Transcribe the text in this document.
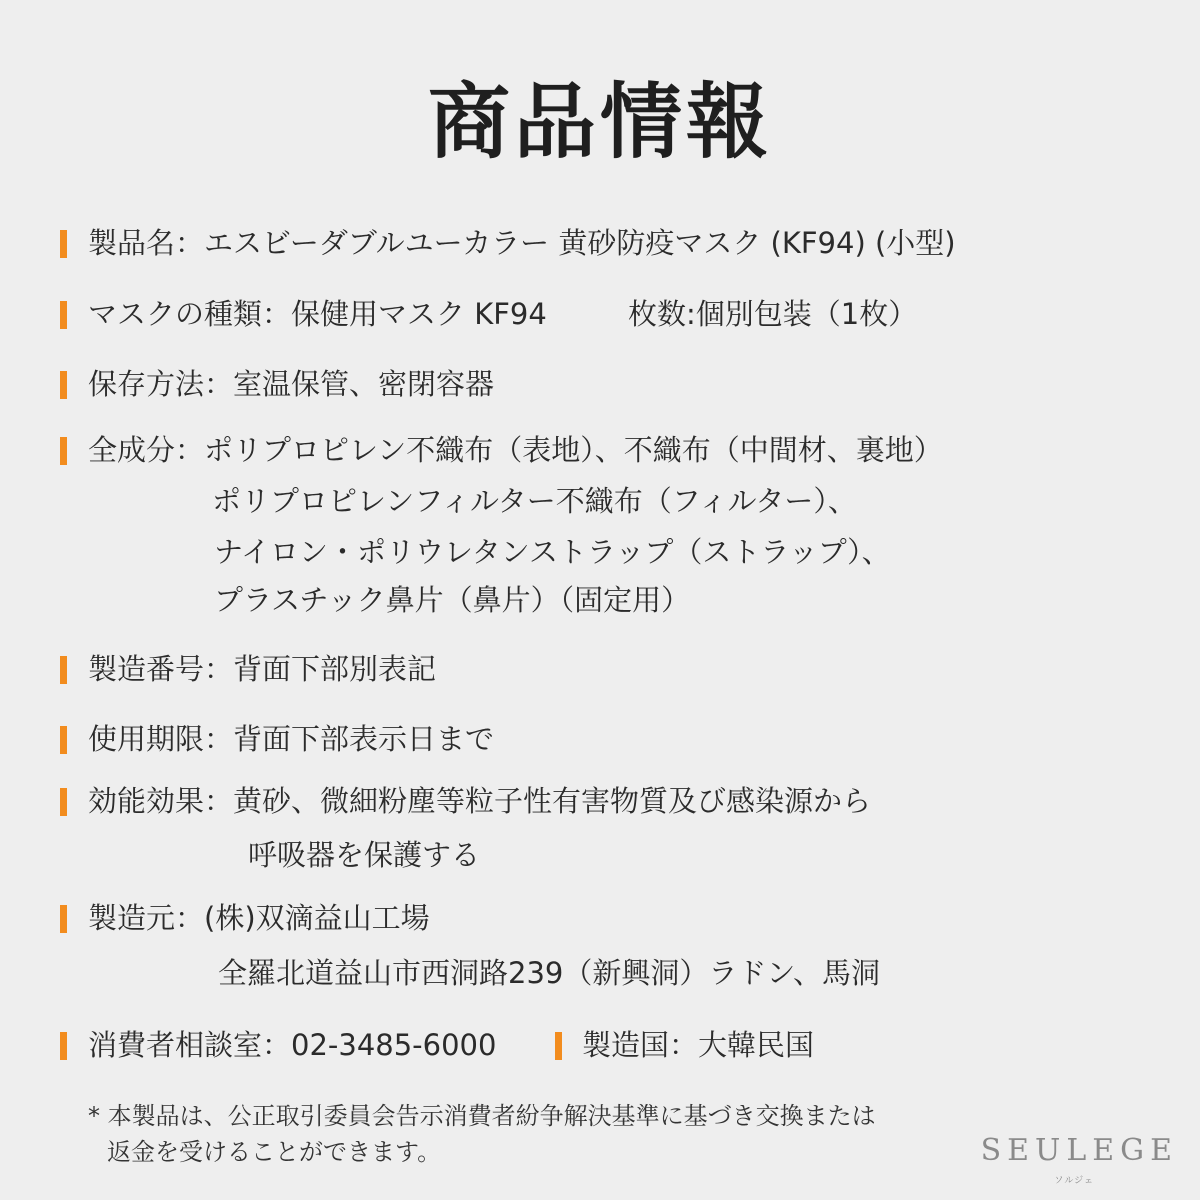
商品情報
製品名：エスビーダブルユーカラー 黄砂防疫マスク (KF94) (小型)
マスクの種類：保健用マスク KF94	枚数:個別包装（1枚）
保存方法：室温保管、密閉容器
全成分：ポリプロピレン不織布（表地）、不織布（中間材、裏地）
ポリプロピレンフィルター不織布（フィルター）、
ナイロン・ポリウレタンストラップ（ストラップ）、
プラスチック鼻片（鼻片）（固定用）
製造番号：背面下部別表記
使用期限：背面下部表示日まで
効能効果：黄砂、微細粉塵等粒子性有害物質及び感染源から
呼吸器を保護する
製造元：(株)双滴益山工場
全羅北道益山市西洞路239（新興洞）ラドン、馬洞
消費者相談室：02-3485-6000	製造国：大韓民国
* 本製品は、公正取引委員会告示消費者紛争解決基準に基づき交換または
返金を受けることができます。	SEULEGE
ソルジェ
